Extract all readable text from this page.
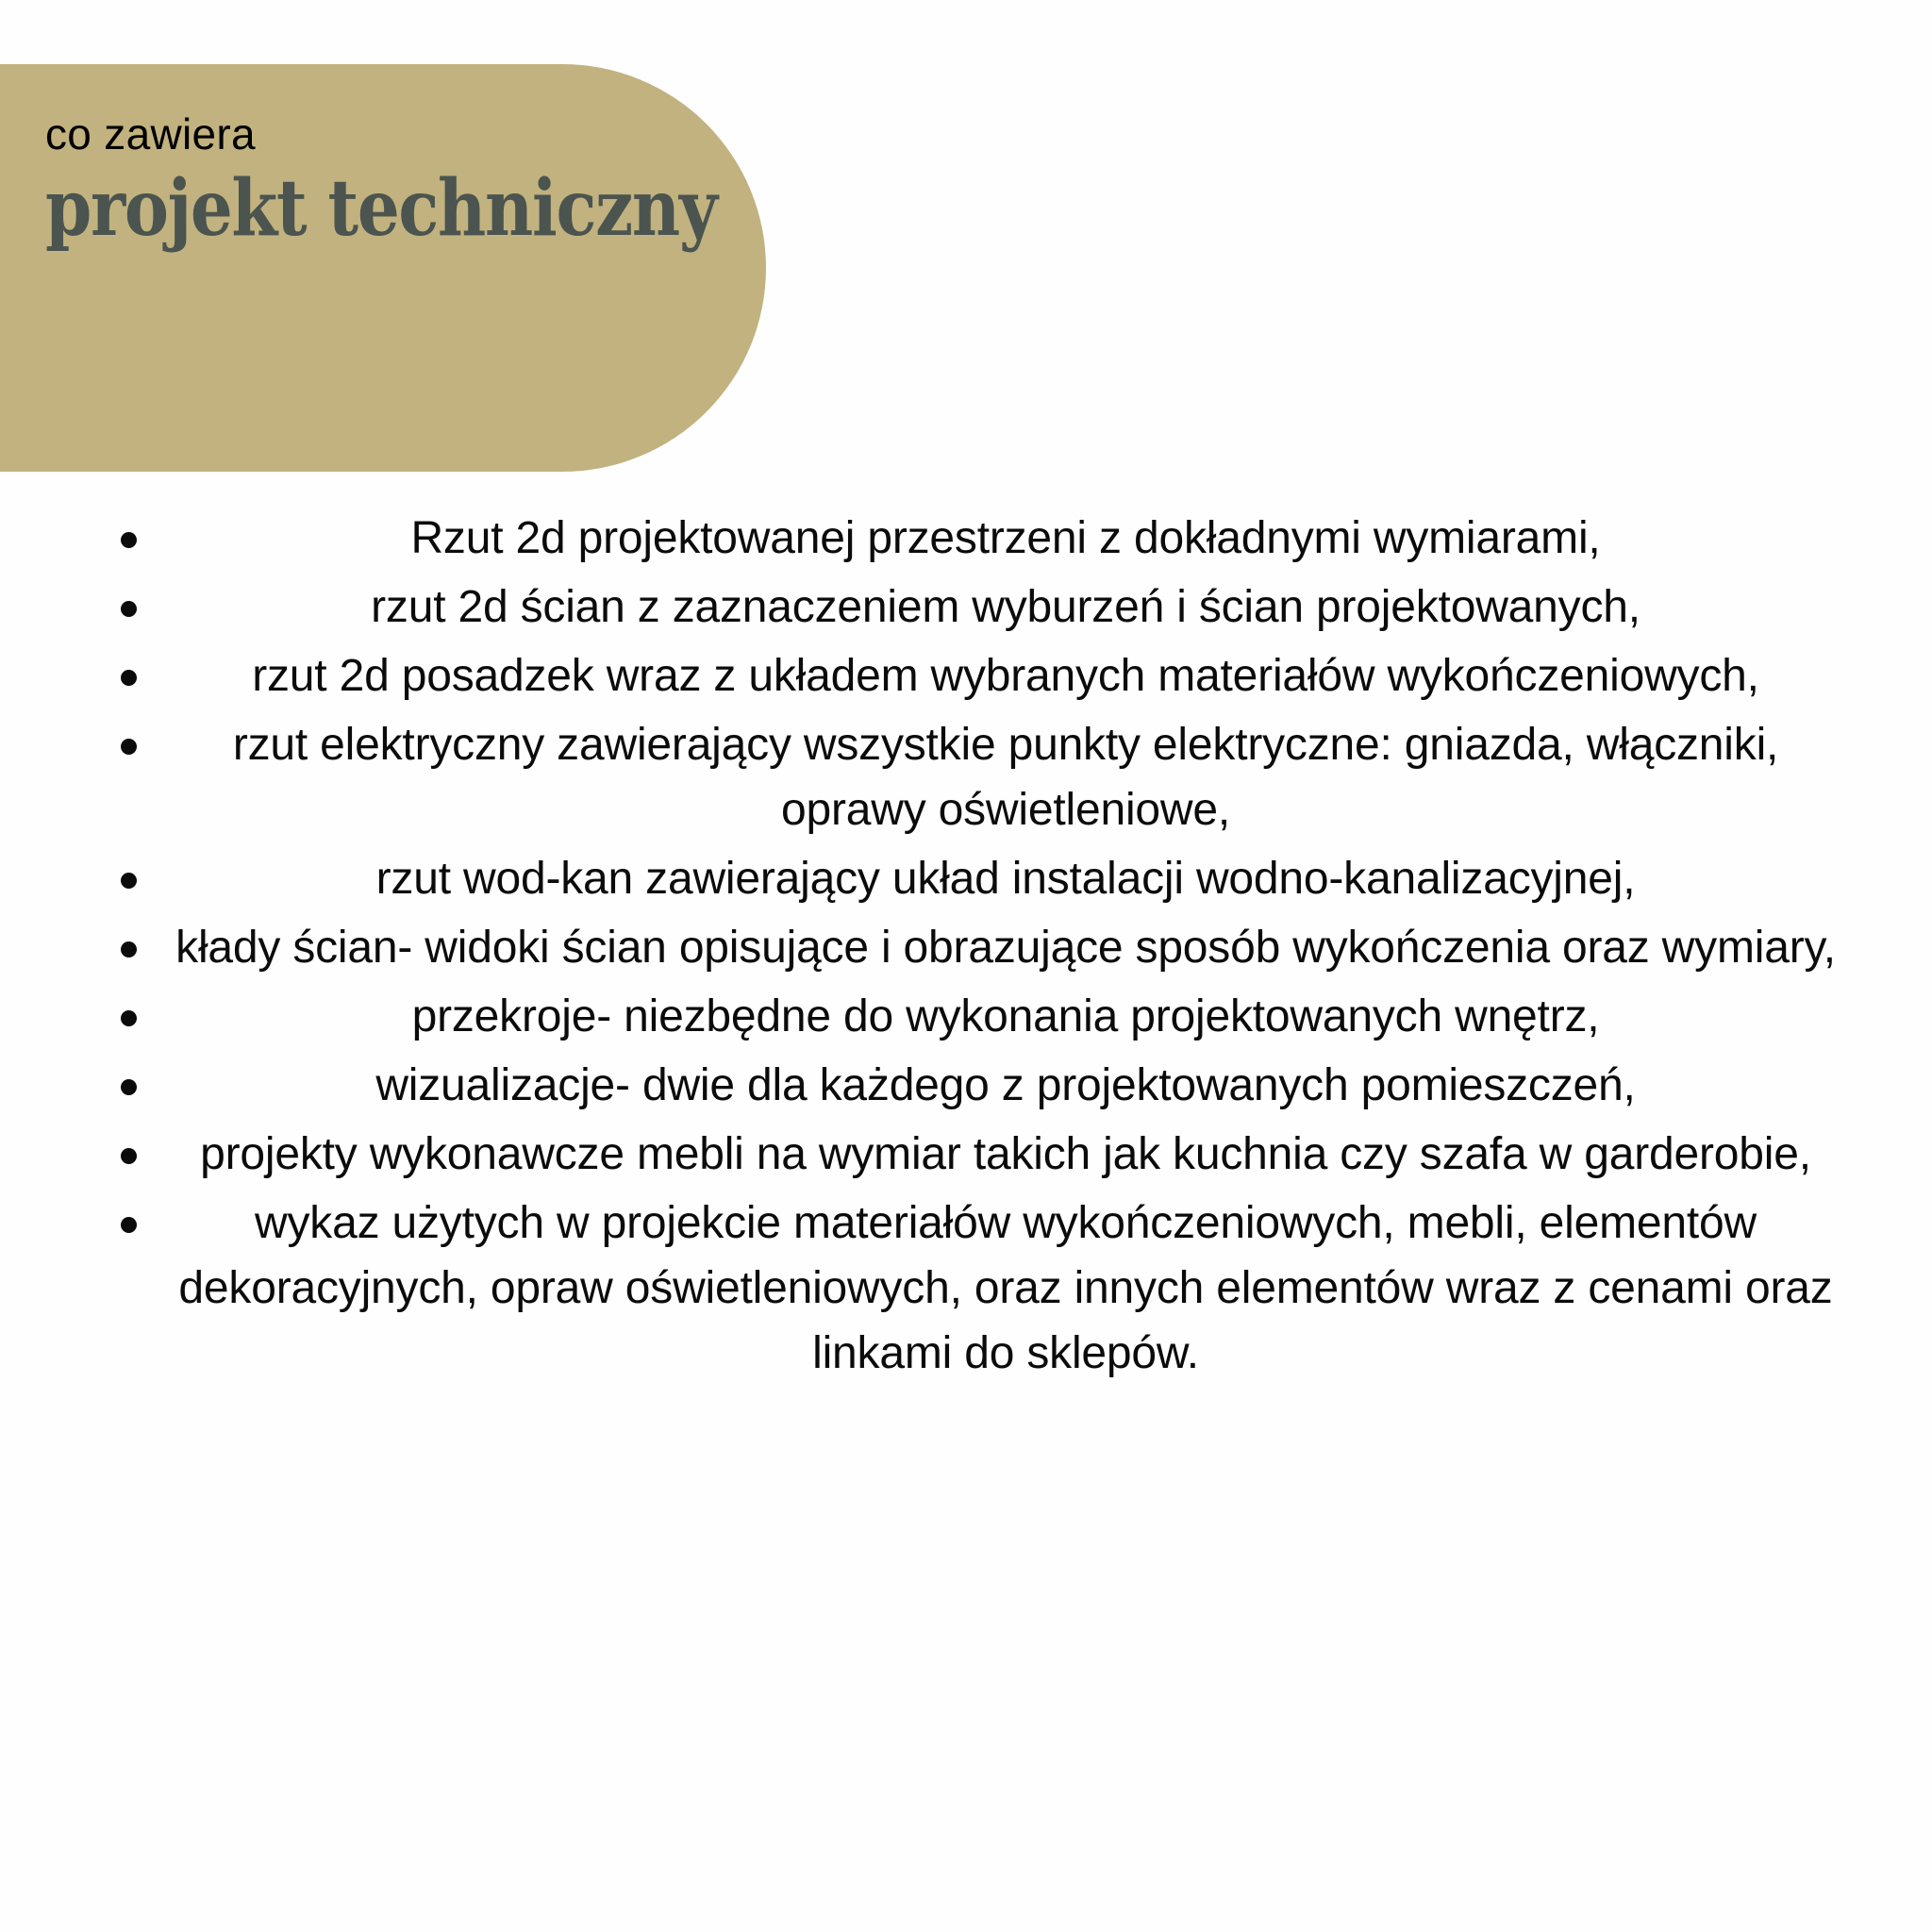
co zawiera
projekt techniczny
Rzut 2d projektowanej przestrzeni z dokładnymi wymiarami,
rzut 2d ścian z zaznaczeniem wyburzeń i ścian projektowanych,
rzut 2d posadzek wraz z układem wybranych materiałów wykończeniowych,
rzut elektryczny zawierający wszystkie punkty elektryczne: gniazda, włączniki, oprawy oświetleniowe,
rzut wod-kan zawierający układ instalacji wodno-kanalizacyjnej,
kłady ścian- widoki ścian opisujące i obrazujące sposób wykończenia oraz wymiary,
przekroje- niezbędne do wykonania projektowanych wnętrz,
wizualizacje- dwie dla każdego z projektowanych pomieszczeń,
projekty wykonawcze mebli na wymiar takich jak kuchnia czy szafa w garderobie,
wykaz użytych w projekcie materiałów wykończeniowych, mebli, elementów dekoracyjnych, opraw oświetleniowych, oraz innych elementów wraz z cenami oraz linkami do sklepów.
